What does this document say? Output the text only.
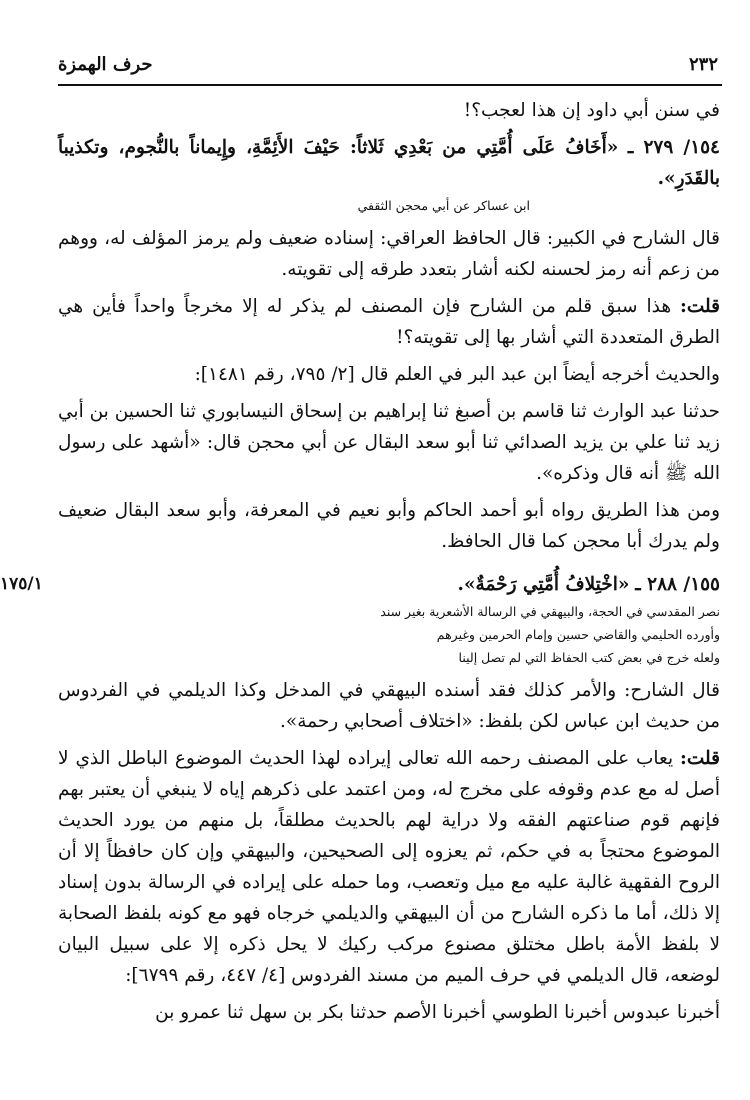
٢٣٢
حرف الهمزة

في سنن أبي داود إن هذا لعجب؟!

١٥٤/ ٢٧٩ ـ «أَخَافُ عَلَى أُمَّتِي من بَعْدِي ثَلاثاً: حَيْفَ الأَئِمَّةِ، وإِيماناً بالنُّجوم، وتكذيباً بالقَدَرِ».

ابن عساكر عن أبي محجن الثقفي

قال الشارح في الكبير: قال الحافظ العراقي: إسناده ضعيف ولم يرمز المؤلف له، ووهم من زعم أنه رمز لحسنه لكنه أشار بتعدد طرقه إلى تقويته.

قلت: هذا سبق قلم من الشارح فإن المصنف لم يذكر له إلا مخرجاً واحداً فأين هي الطرق المتعددة التي أشار بها إلى تقويته؟!

والحديث أخرجه أيضاً ابن عبد البر في العلم قال [٢/ ٧٩٥، رقم ١٤٨١]:

حدثنا عبد الوارث ثنا قاسم بن أصبغ ثنا إبراهيم بن إسحاق النيسابوري ثنا الحسين بن أبي زيد ثنا علي بن يزيد الصدائي ثنا أبو سعد البقال عن أبي محجن قال: «أشهد على رسول الله ﷺ أنه قال وذكره».

ومن هذا الطريق رواه أبو أحمد الحاكم وأبو نعيم في المعرفة، وأبو سعد البقال ضعيف ولم يدرك أبا محجن كما قال الحافظ.

١٧٥/١	١٥٥/ ٢٨٨ ـ «اخْتِلافُ أُمَّتِي رَحْمَةٌ».

نصر المقدسي في الحجة، والبيهقي في الرسالة الأشعرية بغير سند

وأورده الحليمي والقاضي حسين وإمام الحرمين وغيرهم

ولعله خرج في بعض كتب الحفاظ التي لم تصل إلينا

قال الشارح: والأمر كذلك فقد أسنده البيهقي في المدخل وكذا الديلمي في الفردوس من حديث ابن عباس لكن بلفظ: «اختلاف أصحابي رحمة».

قلت: يعاب على المصنف رحمه الله تعالى إيراده لهذا الحديث الموضوع الباطل الذي لا أصل له مع عدم وقوفه على مخرج له، ومن اعتمد على ذكرهم إياه لا ينبغي أن يعتبر بهم فإنهم قوم صناعتهم الفقه ولا دراية لهم بالحديث مطلقاً، بل منهم من يورد الحديث الموضوع محتجاً به في حكم، ثم يعزوه إلى الصحيحين، والبيهقي وإن كان حافظاً إلا أن الروح الفقهية غالبة عليه مع ميل وتعصب، وما حمله على إيراده في الرسالة بدون إسناد إلا ذلك، أما ما ذكره الشارح من أن البيهقي والديلمي خرجاه فهو مع كونه بلفظ الصحابة لا بلفظ الأمة باطل مختلق مصنوع مركب ركيك لا يحل ذكره إلا على سبيل البيان لوضعه، قال الديلمي في حرف الميم من مسند الفردوس [٤/ ٤٤٧، رقم ٦٧٩٩]:

أخبرنا عبدوس أخبرنا الطوسي أخبرنا الأصم حدثنا بكر بن سهل ثنا عمرو بن
